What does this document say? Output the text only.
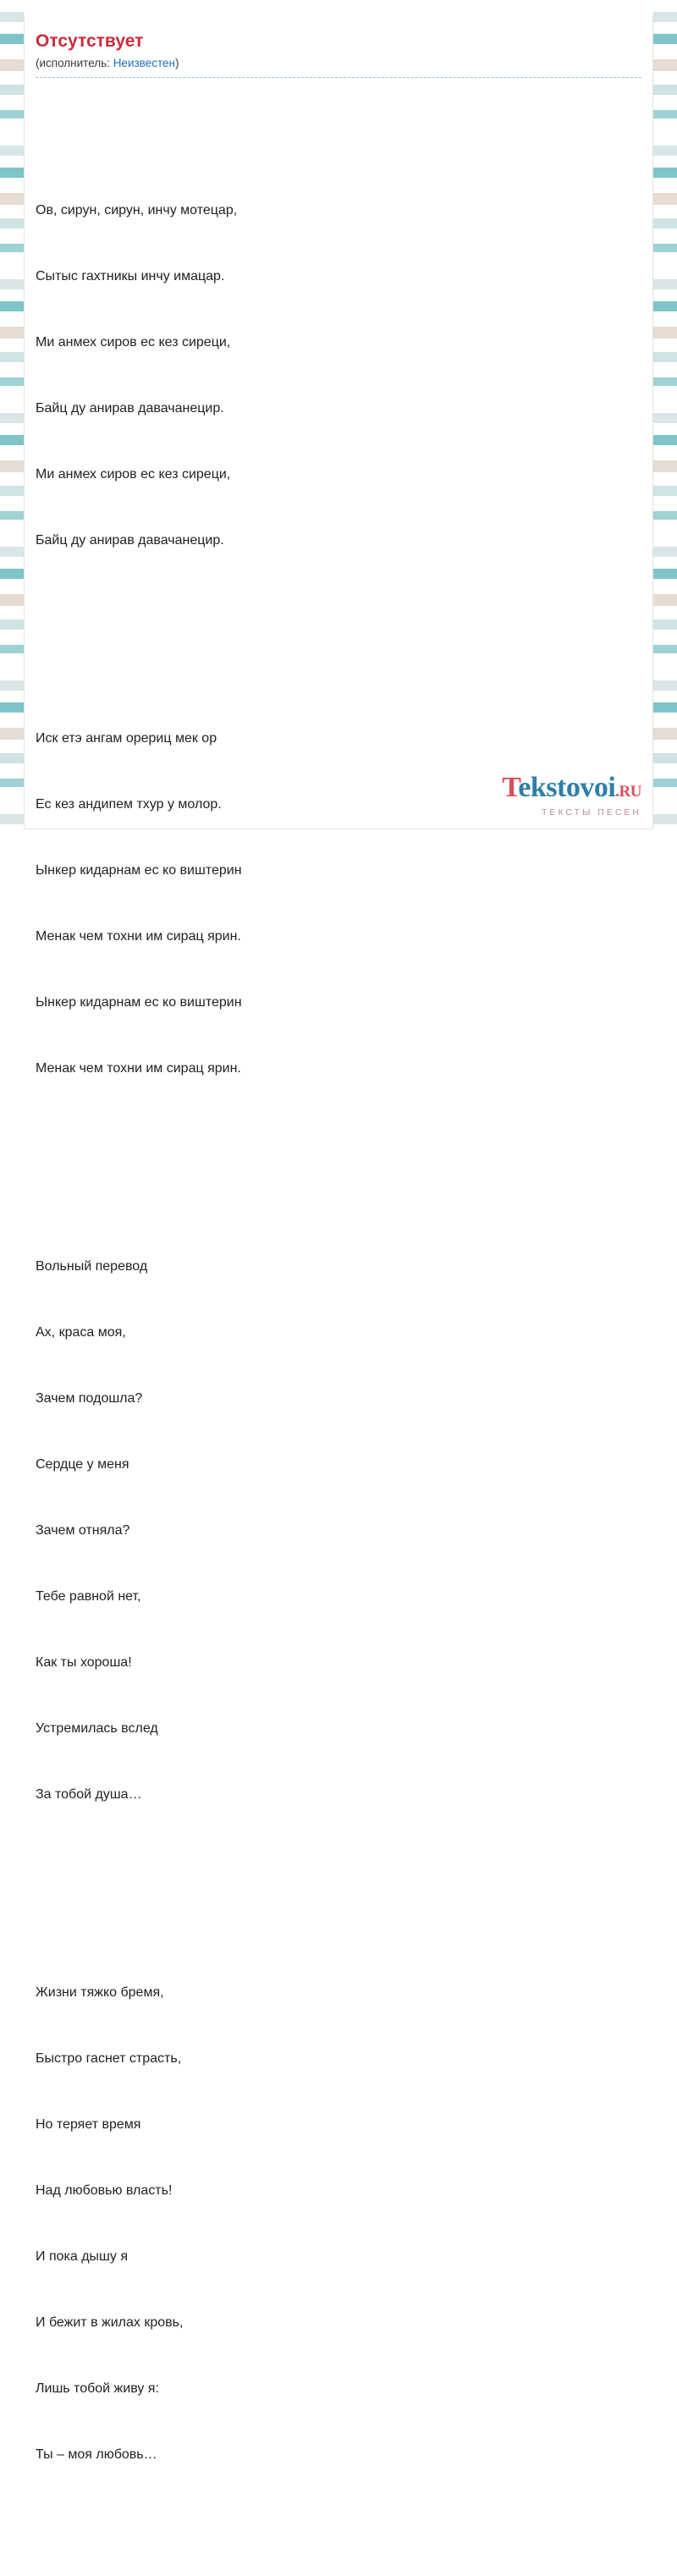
Отсутствует
(исполнитель: Неизвестен)

Ов, сирун, сирун, инчу мотецар,

Сытыс гахтникы инчу имацар.

Ми анмех сиров ес кез сиреци,

Байц ду анирав давачанецир.

Ми анмех сиров ес кез сиреци,

Байц ду анирав давачанецир.

Иск етэ ангам орериц мек ор

Ес кез андипем тхур у молор.

Ынкер кидарнам ес ко виштерин

Менак чем тохни им сирац ярин.

Ынкер кидарнам ес ко виштерин

Менак чем тохни им сирац ярин.

Вольный перевод

Ах, краса моя,

Зачем подошла?

Сердце у меня

Зачем отняла?

Тебе равной нет,

Как ты хороша!

Устремилась вслед

За тобой душа…

Жизни тяжко бремя,

Быстро гаснет страсть,

Но теряет время

Над любовью власть!

И пока дышу я

И бежит в жилах кровь,

Лишь тобой живу я:

Ты – моя любовь…

Tekstovoi.RU
ТЕКСТЫ ПЕСЕН
